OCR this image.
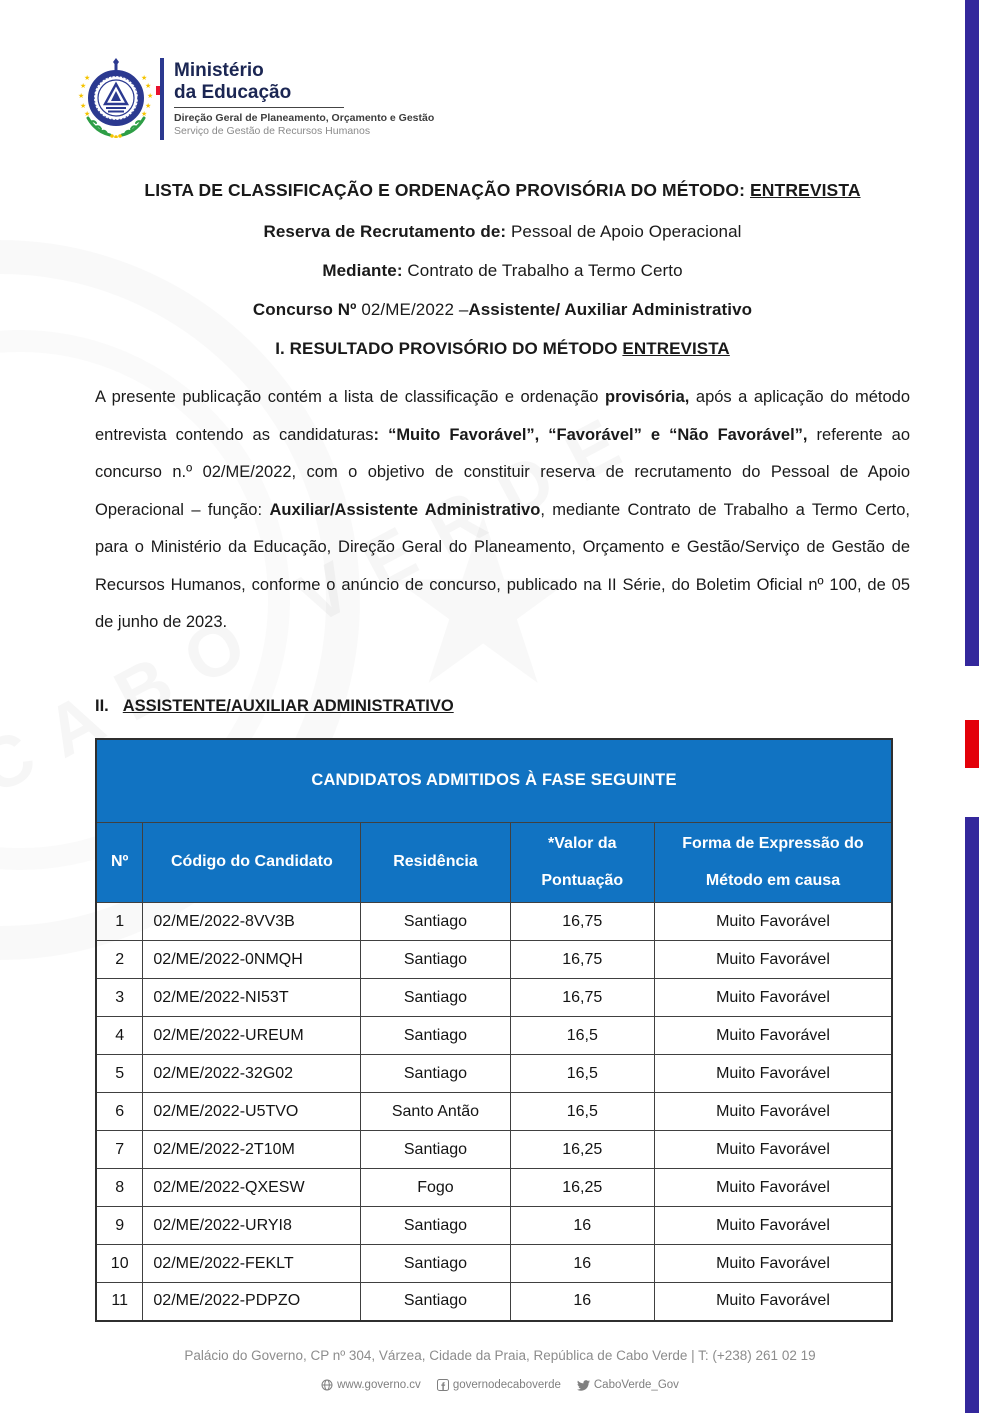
★
★
★
★
★
★
★
★
★
★
Ministério
da Educação
Direção Geral de Planeamento, Orçamento e Gestão
Serviço de Gestão de Recursos Humanos
LISTA DE CLASSIFICAÇÃO E ORDENAÇÃO PROVISÓRIA DO MÉTODO: ENTREVISTA
Reserva de Recrutamento de: Pessoal de Apoio Operacional
Mediante: Contrato de Trabalho a Termo Certo
Concurso Nº 02/ME/2022 –Assistente/ Auxiliar Administrativo
I. RESULTADO PROVISÓRIO DO MÉTODO ENTREVISTA

A presente publicação contém a lista de classificação e ordenação provisória, após a aplicação do método entrevista contendo as candidaturas: “Muito Favorável”, “Favorável” e “Não Favorável”, referente ao concurso n.º 02/ME/2022, com o objetivo de constituir reserva de recrutamento do Pessoal de Apoio Operacional – função: Auxiliar/Assistente Administrativo, mediante Contrato de Trabalho a Termo Certo, para o Ministério da Educação, Direção Geral do Planeamento, Orçamento e Gestão/Serviço de Gestão de Recursos Humanos, conforme o anúncio de concurso, publicado na II Série, do Boletim Oficial nº 100, de 05 de junho de 2023.

II. ASSISTENTE/AUXILIAR ADMINISTRATIVO
CANDIDATOS ADMITIDOS À FASE SEGUINTE				
Nº	Código do Candidato	Residência	*Valor da Pontuação	Forma de Expressão do Método em causa
1	02/ME/2022-8VV3B	Santiago	16,75	Muito Favorável
2	02/ME/2022-0NMQH	Santiago	16,75	Muito Favorável
3	02/ME/2022-NI53T	Santiago	16,75	Muito Favorável
4	02/ME/2022-UREUM	Santiago	16,5	Muito Favorável
5	02/ME/2022-32G02	Santiago	16,5	Muito Favorável
6	02/ME/2022-U5TVO	Santo Antão	16,5	Muito Favorável
7	02/ME/2022-2T10M	Santiago	16,25	Muito Favorável
8	02/ME/2022-QXESW	Fogo	16,25	Muito Favorável
9	02/ME/2022-URYI8	Santiago	16	Muito Favorável
10	02/ME/2022-FEKLT	Santiago	16	Muito Favorável
11	02/ME/2022-PDPZO	Santiago	16	Muito Favorável
Palácio do Governo, CP nº 304, Várzea, Cidade da Praia, República de Cabo Verde | T: (+238) 261 02 19
www.governo.cv	governodecaboverde	CaboVerde_Gov
